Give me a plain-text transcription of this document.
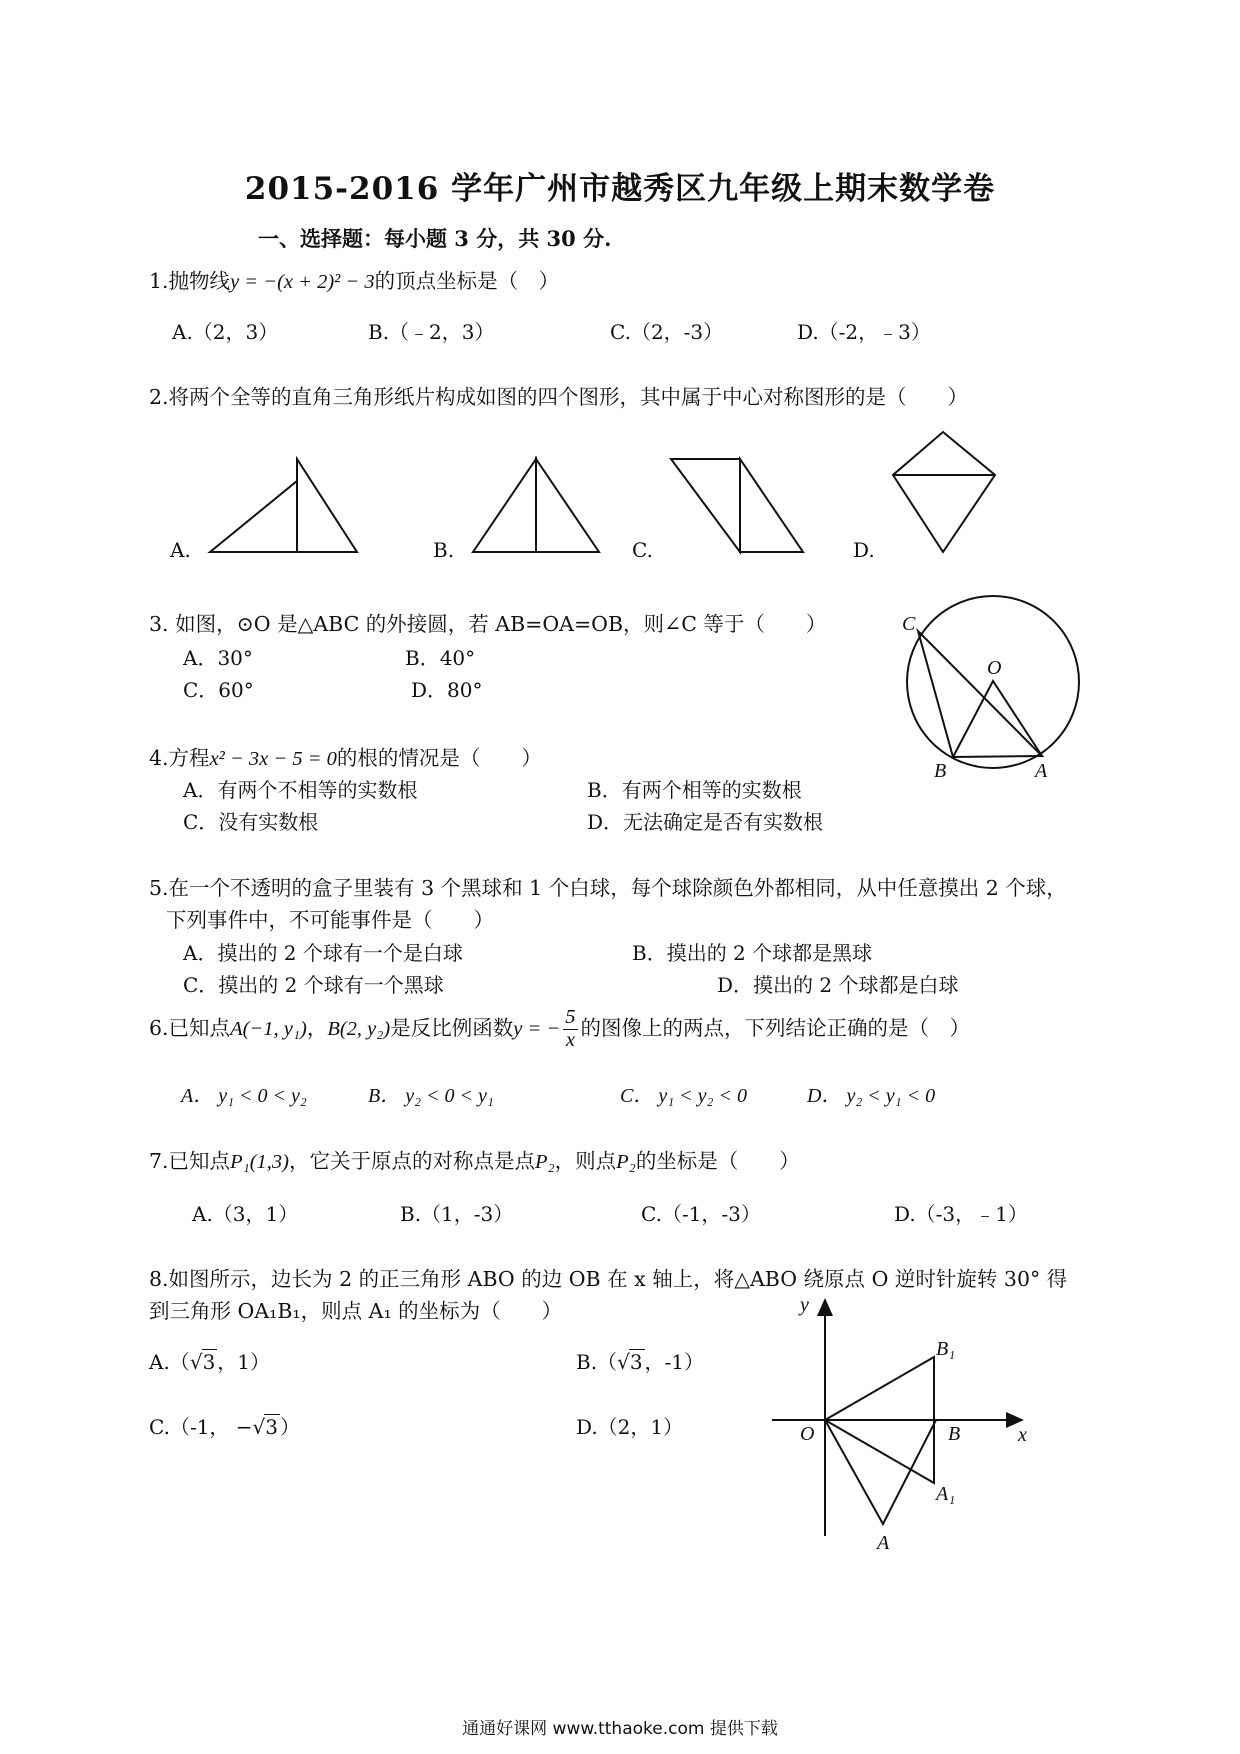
2015-2016 学年广州市越秀区九年级上期末数学卷
一、选择题：每小题 3 分，共 30 分.
1.抛物线y = −(x + 2)² − 3的顶点坐标是（　）
A.（2，3）	B.（﹣2，3）	C.（2，-3）	D.（-2，﹣3）
2.将两个全等的直角三角形纸片构成如图的四个图形，其中属于中心对称图形的是（　　）
A.	B.	C.	D.
3. 如图，⊙O 是△ABC 的外接圆，若 AB=OA=OB，则∠C 等于（　　）
A．30°	B．40°
C．60°	D．80°
C
O
B	A
4.方程x² − 3x − 5 = 0的根的情况是（　　）
A．有两个不相等的实数根	B．有两个相等的实数根
C．没有实数根	D．无法确定是否有实数根
5.在一个不透明的盒子里装有 3 个黑球和 1 个白球，每个球除颜色外都相同，从中任意摸出 2 个球，
下列事件中，不可能事件是（　　）
A．摸出的 2 个球有一个是白球	B．摸出的 2 个球都是黑球
C．摸出的 2 个球有一个黑球	D．摸出的 2 个球都是白球
6.已知点A(−1, y₁)，B(2, y₂)是反比例函数y = − $\frac{5}{x}$ 的图像上的两点，下列结论正确的是（　）
A． y₁ < 0 < y₂	B． y₂ < 0 < y₁	C． y₁ < y₂ < 0	D． y₂ < y₁ < 0
7.已知点P₁(1,3)，它关于原点的对称点是点P₂，则点P₂的坐标是（　　）
A.（3，1）	B.（1，-3）	C.（-1，-3）	D.（-3，﹣1）
8.如图所示，边长为 2 的正三角形 ABO 的边 OB 在 x 轴上，将△ABO 绕原点 O 逆时针旋转 30° 得
到三角形 OA₁B₁，则点 A₁ 的坐标为（　　）
A.（√3 ，1）	B.（√3 ，-1）
C.（-1， −√3 ）	D.（2，1）
y
x
O	B
B₁
A₁
A
通通好课网 www.tthaoke.com 提供下载
